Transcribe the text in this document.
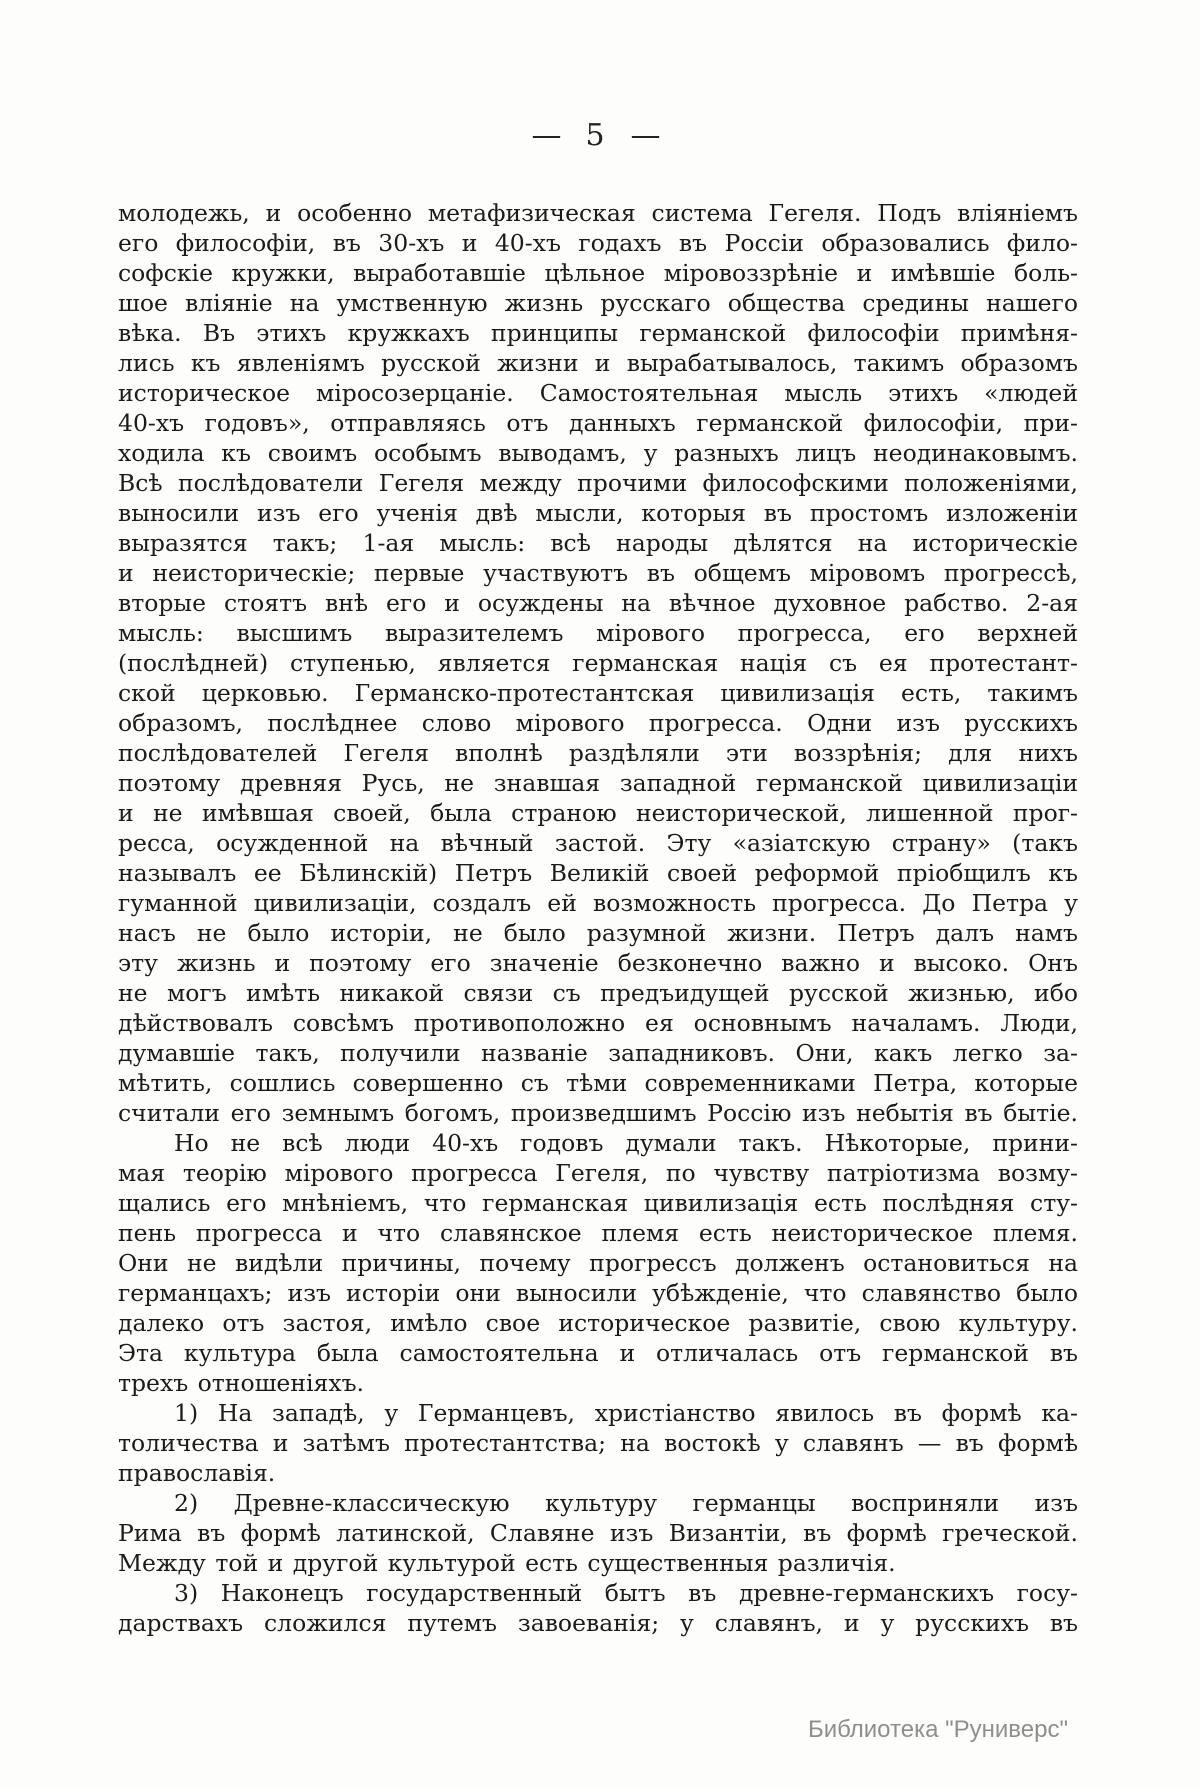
— 5 —

молодежь, и особенно метафизическая система Гегеля. Подъ вліяніемъ
его философіи, въ 30-хъ и 40-хъ годахъ въ Россіи образовались фило-
софскіе кружки, выработавшіе цѣльное міровоззрѣніе и имѣвшіе боль-
шое вліяніе на умственную жизнь русскаго общества средины нашего
вѣка. Въ этихъ кружкахъ принципы германской философіи примѣня-
лись къ явленіямъ русской жизни и вырабатывалось, такимъ образомъ
историческое міросозерцаніе. Самостоятельная мысль этихъ «людей
40-хъ годовъ», отправляясь отъ данныхъ германской философіи, при-
ходила къ своимъ особымъ выводамъ, у разныхъ лицъ неодинаковымъ.
Всѣ послѣдователи Гегеля между прочими философскими положеніями,
выносили изъ его ученія двѣ мысли, которыя въ простомъ изложеніи
выразятся такъ; 1-ая мысль: всѣ народы дѣлятся на историческіе
и неисторическіе; первые участвуютъ въ общемъ міровомъ прогрессѣ,
вторые стоятъ внѣ его и осуждены на вѣчное духовное рабство. 2-ая
мысль: высшимъ выразителемъ мірового прогресса, его верхней
(послѣдней) ступенью, является германская нація съ ея протестант-
ской церковью. Германско-протестантская цивилизація есть, такимъ
образомъ, послѣднее слово мірового прогресса. Одни изъ русскихъ
послѣдователей Гегеля вполнѣ раздѣляли эти воззрѣнія; для нихъ
поэтому древняя Русь, не знавшая западной германской цивилизаціи
и не имѣвшая своей, была страною неисторической, лишенной прог-
ресса, осужденной на вѣчный застой. Эту «азіатскую страну» (такъ
называлъ ее Бѣлинскій) Петръ Великій своей реформой пріобщилъ къ
гуманной цивилизаціи, создалъ ей возможность прогресса. До Петра у
насъ не было исторіи, не было разумной жизни. Петръ далъ намъ
эту жизнь и поэтому его значеніе безконечно важно и высоко. Онъ
не могъ имѣть никакой связи съ предъидущей русской жизнью, ибо
дѣйствовалъ совсѣмъ противоположно ея основнымъ началамъ. Люди,
думавшіе такъ, получили названіе западниковъ. Они, какъ легко за-
мѣтить, сошлись совершенно съ тѣми современниками Петра, которые
считали его земнымъ богомъ, произведшимъ Россію изъ небытія въ бытіе.

Но не всѣ люди 40-хъ годовъ думали такъ. Нѣкоторые, прини-
мая теорію мірового прогресса Гегеля, по чувству патріотизма возму-
щались его мнѣніемъ, что германская цивилизація есть послѣдняя сту-
пень прогресса и что славянское племя есть неисторическое племя.
Они не видѣли причины, почему прогрессъ долженъ остановиться на
германцахъ; изъ исторіи они выносили убѣжденіе, что славянство было
далеко отъ застоя, имѣло свое историческое развитіе, свою культуру.
Эта культура была самостоятельна и отличалась отъ германской въ
трехъ отношеніяхъ.

1) На западѣ, у Германцевъ, христіанство явилось въ формѣ ка-
толичества и затѣмъ протестантства; на востокѣ у славянъ — въ формѣ
православія.

2) Древне-классическую культуру германцы восприняли изъ
Рима въ формѣ латинской, Славяне изъ Византіи, въ формѣ греческой.
Между той и другой культурой есть существенныя различія.

3) Наконецъ государственный бытъ въ древне-германскихъ госу-
дарствахъ сложился путемъ завоеванія; у славянъ, и у русскихъ въ

Библиотека "Руниверс"
